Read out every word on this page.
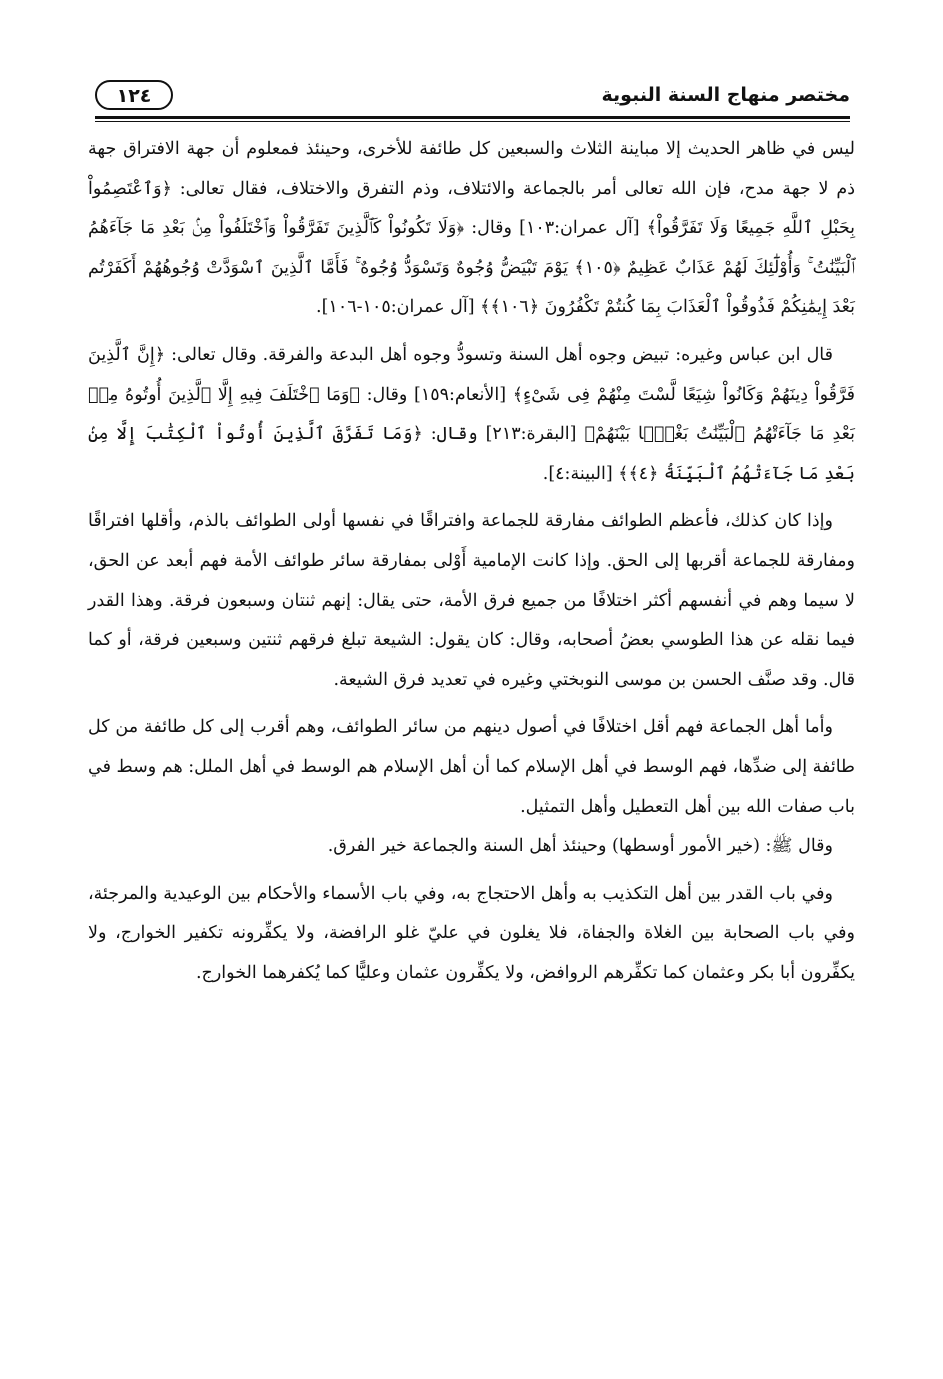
١٢٤	مختصر منهاج السنة النبوية

ليس في ظاهر الحديث إلا مباينة الثلاث والسبعين كل طائفة للأخرى، وحينئذ فمعلوم أن جهة الافتراق جهة ذم لا جهة مدح، فإن الله تعالى أمر بالجماعة والائتلاف، وذم التفرق والاختلاف، فقال تعالى: ﴿وَٱعْتَصِمُواْ بِحَبْلِ ٱللَّهِ جَمِيعًا وَلَا تَفَرَّقُواْ﴾ [آل عمران:١٠٣] وقال: ﴿وَلَا تَكُونُواْ كَٱلَّذِينَ تَفَرَّقُواْ وَٱخْتَلَفُواْ مِنۢ بَعْدِ مَا جَآءَهُمُ ٱلْبَيِّنَٰتُ ۚ وَأُوْلَٰٓئِكَ لَهُمْ عَذَابٌ عَظِيمٌ ﴿١٠٥﴾ يَوْمَ تَبْيَضُّ وُجُوهٌ وَتَسْوَدُّ وُجُوهٌ ۚ فَأَمَّا ٱلَّذِينَ ٱسْوَدَّتْ وُجُوهُهُمْ أَكَفَرْتُم بَعْدَ إِيمَٰنِكُمْ فَذُوقُواْ ٱلْعَذَابَ بِمَا كُنتُمْ تَكْفُرُونَ ﴿١٠٦﴾﴾ [آل عمران:١٠٥-١٠٦].

قال ابن عباس وغيره: تبيض وجوه أهل السنة وتسودُّ وجوه أهل البدعة والفرقة. وقال تعالى: ﴿إِنَّ ٱلَّذِينَ فَرَّقُواْ دِينَهُمْ وَكَانُواْ شِيَعًا لَّسْتَ مِنْهُمْ فِى شَىْءٍ﴾ [الأنعام:١٥٩] وقال: ﴿وَمَا ٱخْتَلَفَ فِيهِ إِلَّا ٱلَّذِينَ أُوتُوهُ مِنۢ بَعْدِ مَا جَآءَتْهُمُ ٱلْبَيِّنَٰتُ بَغْيًۢا بَيْنَهُمْ﴾ [البقرة:٢١٣] وقال: ﴿وَمَا تَفَرَّقَ ٱلَّذِينَ أُوتُواْ ٱلْكِتَٰبَ إِلَّا مِنۢ بَعْدِ مَا جَآءَتْهُمُ ٱلْبَيِّنَةُ ﴿٤﴾﴾ [البينة:٤].

وإذا كان كذلك، فأعظم الطوائف مفارقة للجماعة وافتراقًا في نفسها أولى الطوائف بالذم، وأقلها افتراقًا ومفارقة للجماعة أقربها إلى الحق. وإذا كانت الإمامية أَوْلى بمفارقة سائر طوائف الأمة فهم أبعد عن الحق، لا سيما وهم في أنفسهم أكثر اختلافًا من جميع فرق الأمة، حتى يقال: إنهم ثنتان وسبعون فرقة. وهذا القدر فيما نقله عن هذا الطوسي بعضُ أصحابه، وقال: كان يقول: الشيعة تبلغ فرقهم ثنتين وسبعين فرقة، أو كما قال. وقد صنَّف الحسن بن موسى النوبختي وغيره في تعديد فرق الشيعة.

وأما أهل الجماعة فهم أقل اختلافًا في أصول دينهم من سائر الطوائف، وهم أقرب إلى كل طائفة من كل طائفة إلى ضدِّها، فهم الوسط في أهل الإسلام كما أن أهل الإسلام هم الوسط في أهل الملل: هم وسط في باب صفات الله بين أهل التعطيل وأهل التمثيل.

وقال ﷺ: (خير الأمور أوسطها) وحينئذ أهل السنة والجماعة خير الفرق.

وفي باب القدر بين أهل التكذيب به وأهل الاحتجاج به، وفي باب الأسماء والأحكام بين الوعيدية والمرجئة، وفي باب الصحابة بين الغلاة والجفاة، فلا يغلون في عليّ غلو الرافضة، ولا يكفِّرونه تكفير الخوارج، ولا يكفِّرون أبا بكر وعثمان كما تكفِّرهم الروافض، ولا يكفِّرون عثمان وعليًّا كما يُكفرهما الخوارج.
